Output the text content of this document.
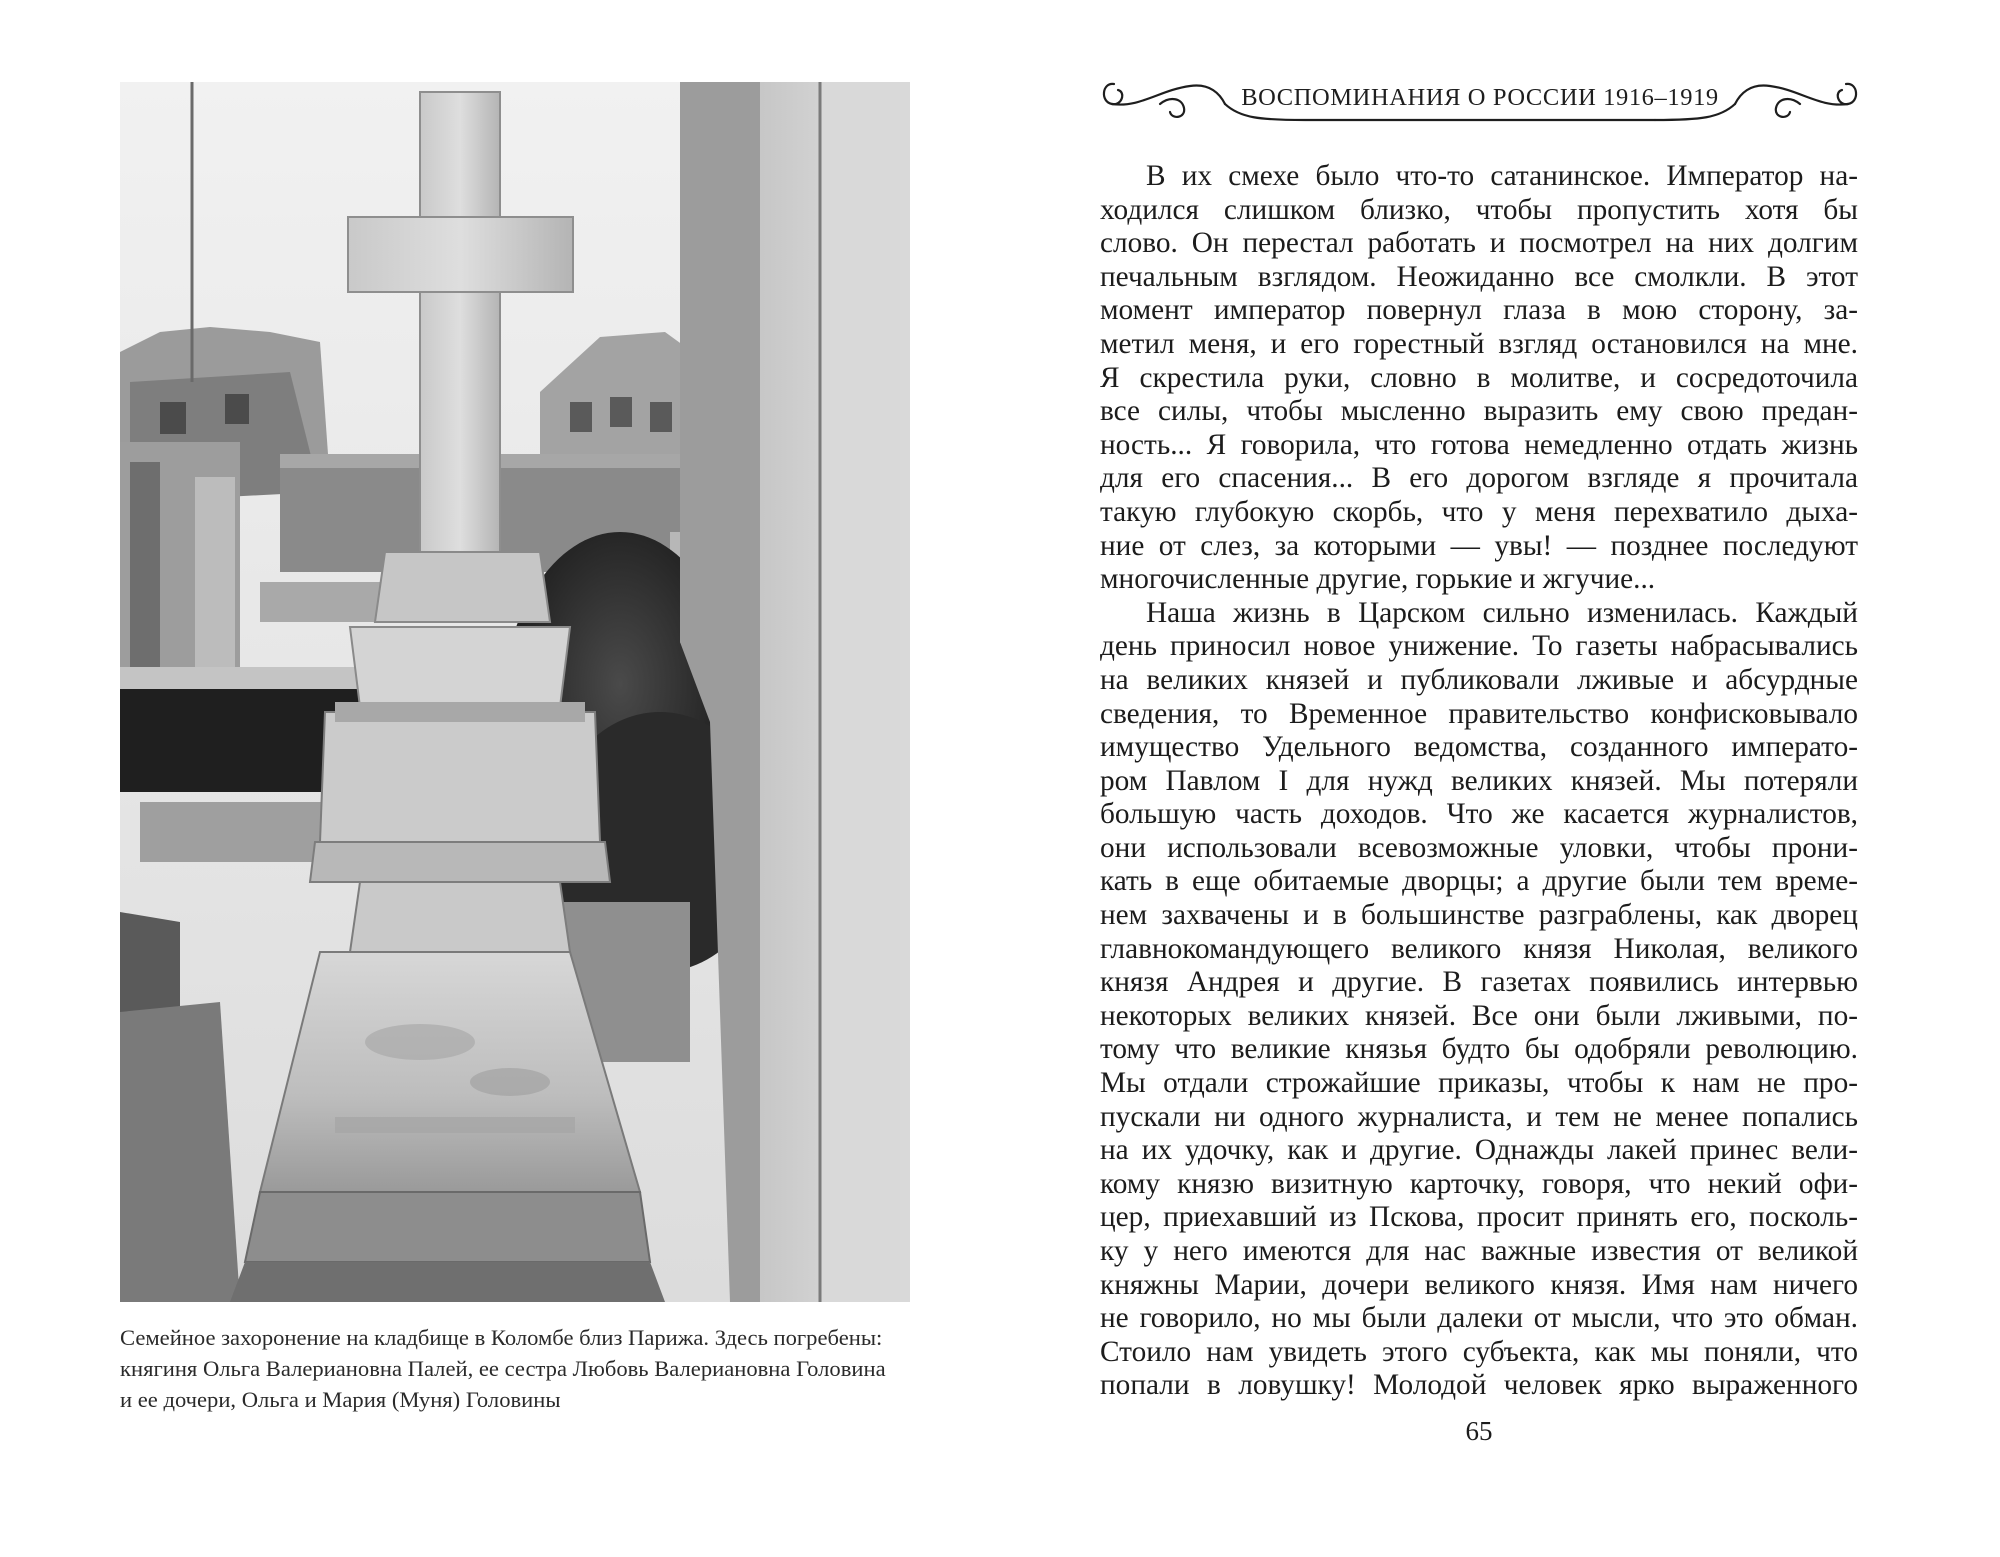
Семейное захоронение на кладбище в Коломбе близ Парижа. Здесь погребены:
княгиня Ольга Валериановна Палей, ее сестра Любовь Валериановна Головина
и ее дочери, Ольга и Мария (Муня) Головины
ВОСПОМИНАНИЯ О РОССИИ 1916–1919
В их смехе было что-то сатанинское. Император на-
ходился слишком близко, чтобы пропустить хотя бы
слово. Он перестал работать и посмотрел на них долгим
печальным взглядом. Неожиданно все смолкли. В этот
момент император повернул глаза в мою сторону, за-
метил меня, и его горестный взгляд остановился на мне.
Я скрестила руки, словно в молитве, и сосредоточила
все силы, чтобы мысленно выразить ему свою предан-
ность... Я говорила, что готова немедленно отдать жизнь
для его спасения... В его дорогом взгляде я прочитала
такую глубокую скорбь, что у меня перехватило дыха-
ние от слез, за которыми — увы! — позднее последуют
многочисленные другие, горькие и жгучие...
Наша жизнь в Царском сильно изменилась. Каждый
день приносил новое унижение. То газеты набрасывались
на великих князей и публиковали лживые и абсурдные
сведения, то Временное правительство конфисковывало
имущество Удельного ведомства, созданного императо-
ром Павлом I для нужд великих князей. Мы потеряли
большую часть доходов. Что же касается журналистов,
они использовали всевозможные уловки, чтобы прони-
кать в еще обитаемые дворцы; а другие были тем време-
нем захвачены и в большинстве разграблены, как дворец
главнокомандующего великого князя Николая, великого
князя Андрея и другие. В газетах появились интервью
некоторых великих князей. Все они были лживыми, по-
тому что великие князья будто бы одобряли революцию.
Мы отдали строжайшие приказы, чтобы к нам не про-
пускали ни одного журналиста, и тем не менее попались
на их удочку, как и другие. Однажды лакей принес вели-
кому князю визитную карточку, говоря, что некий офи-
цер, приехавший из Пскова, просит принять его, посколь-
ку у него имеются для нас важные известия от великой
княжны Марии, дочери великого князя. Имя нам ничего
не говорило, но мы были далеки от мысли, что это обман.
Стоило нам увидеть этого субъекта, как мы поняли, что
попали в ловушку! Молодой человек ярко выраженного
65
